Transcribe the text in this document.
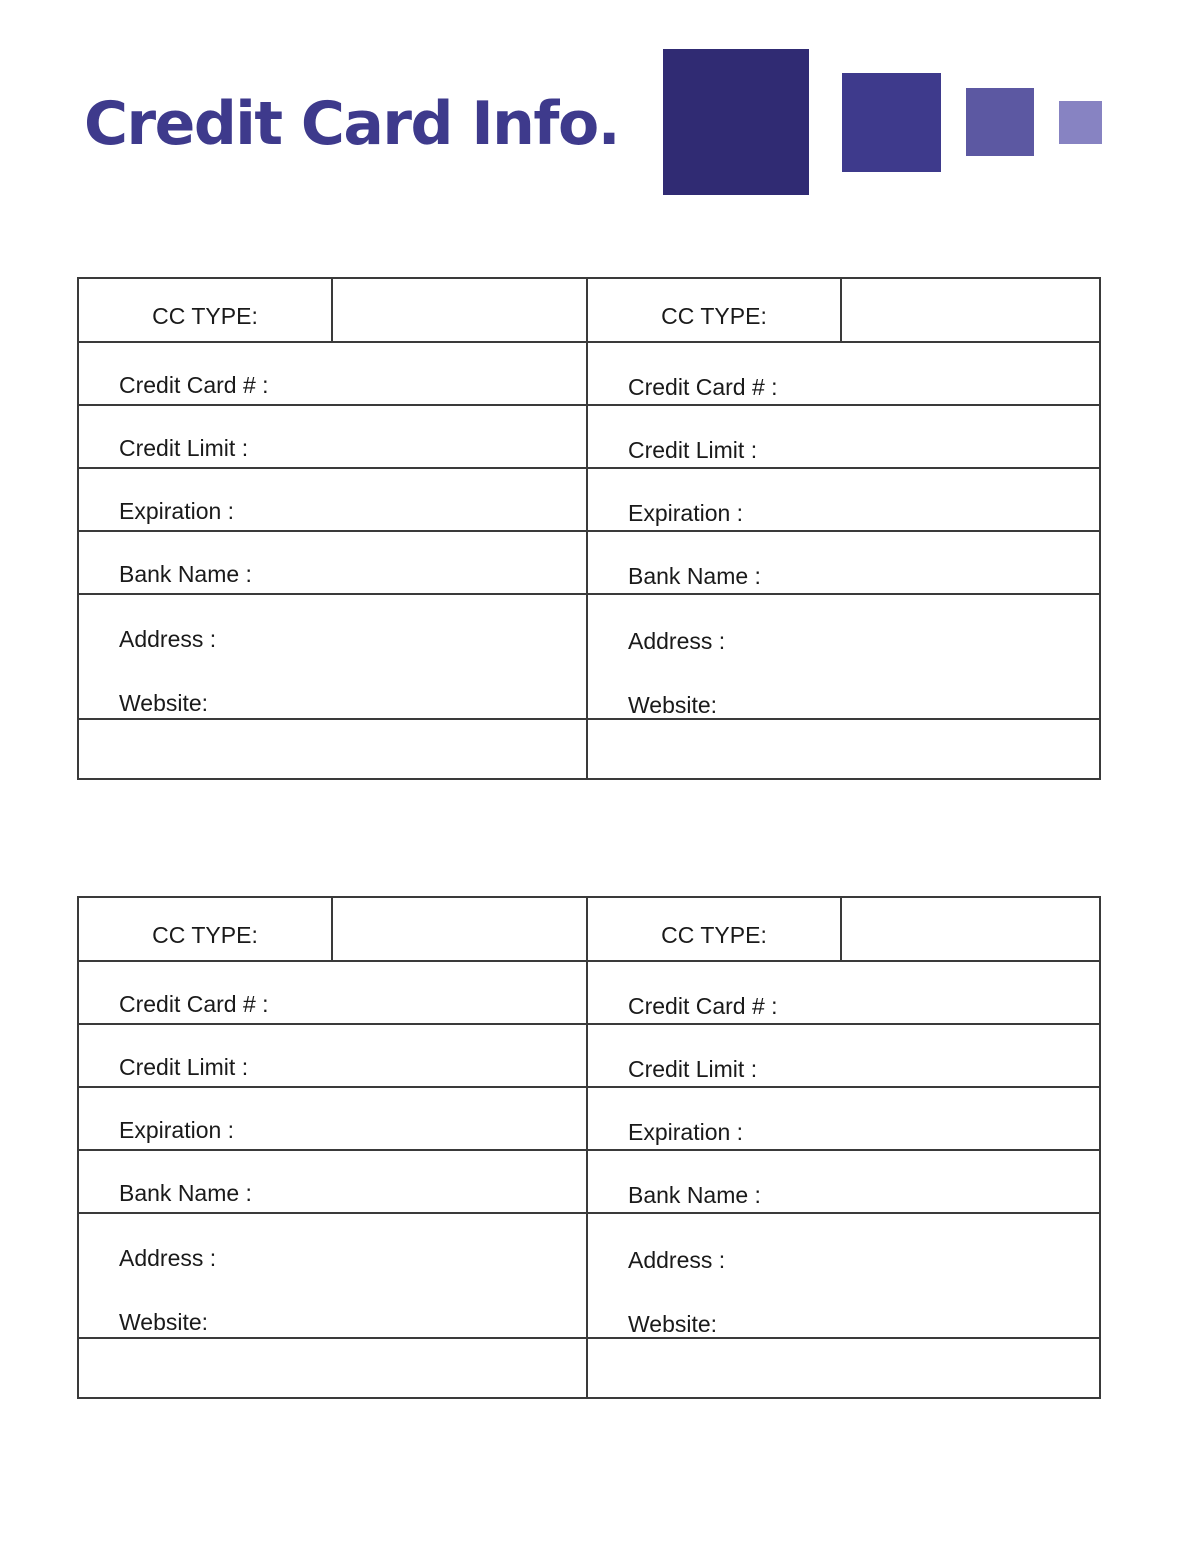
Credit Card Info.
CC TYPE:
Credit Card # :
Credit Limit :
Expiration :
Bank Name :
Address :
Website:
CC TYPE:
Credit Card # :
Credit Limit :
Expiration :
Bank Name :
Address :
Website:
CC TYPE:
Credit Card # :
Credit Limit :
Expiration :
Bank Name :
Address :
Website:
CC TYPE:
Credit Card # :
Credit Limit :
Expiration :
Bank Name :
Address :
Website:
